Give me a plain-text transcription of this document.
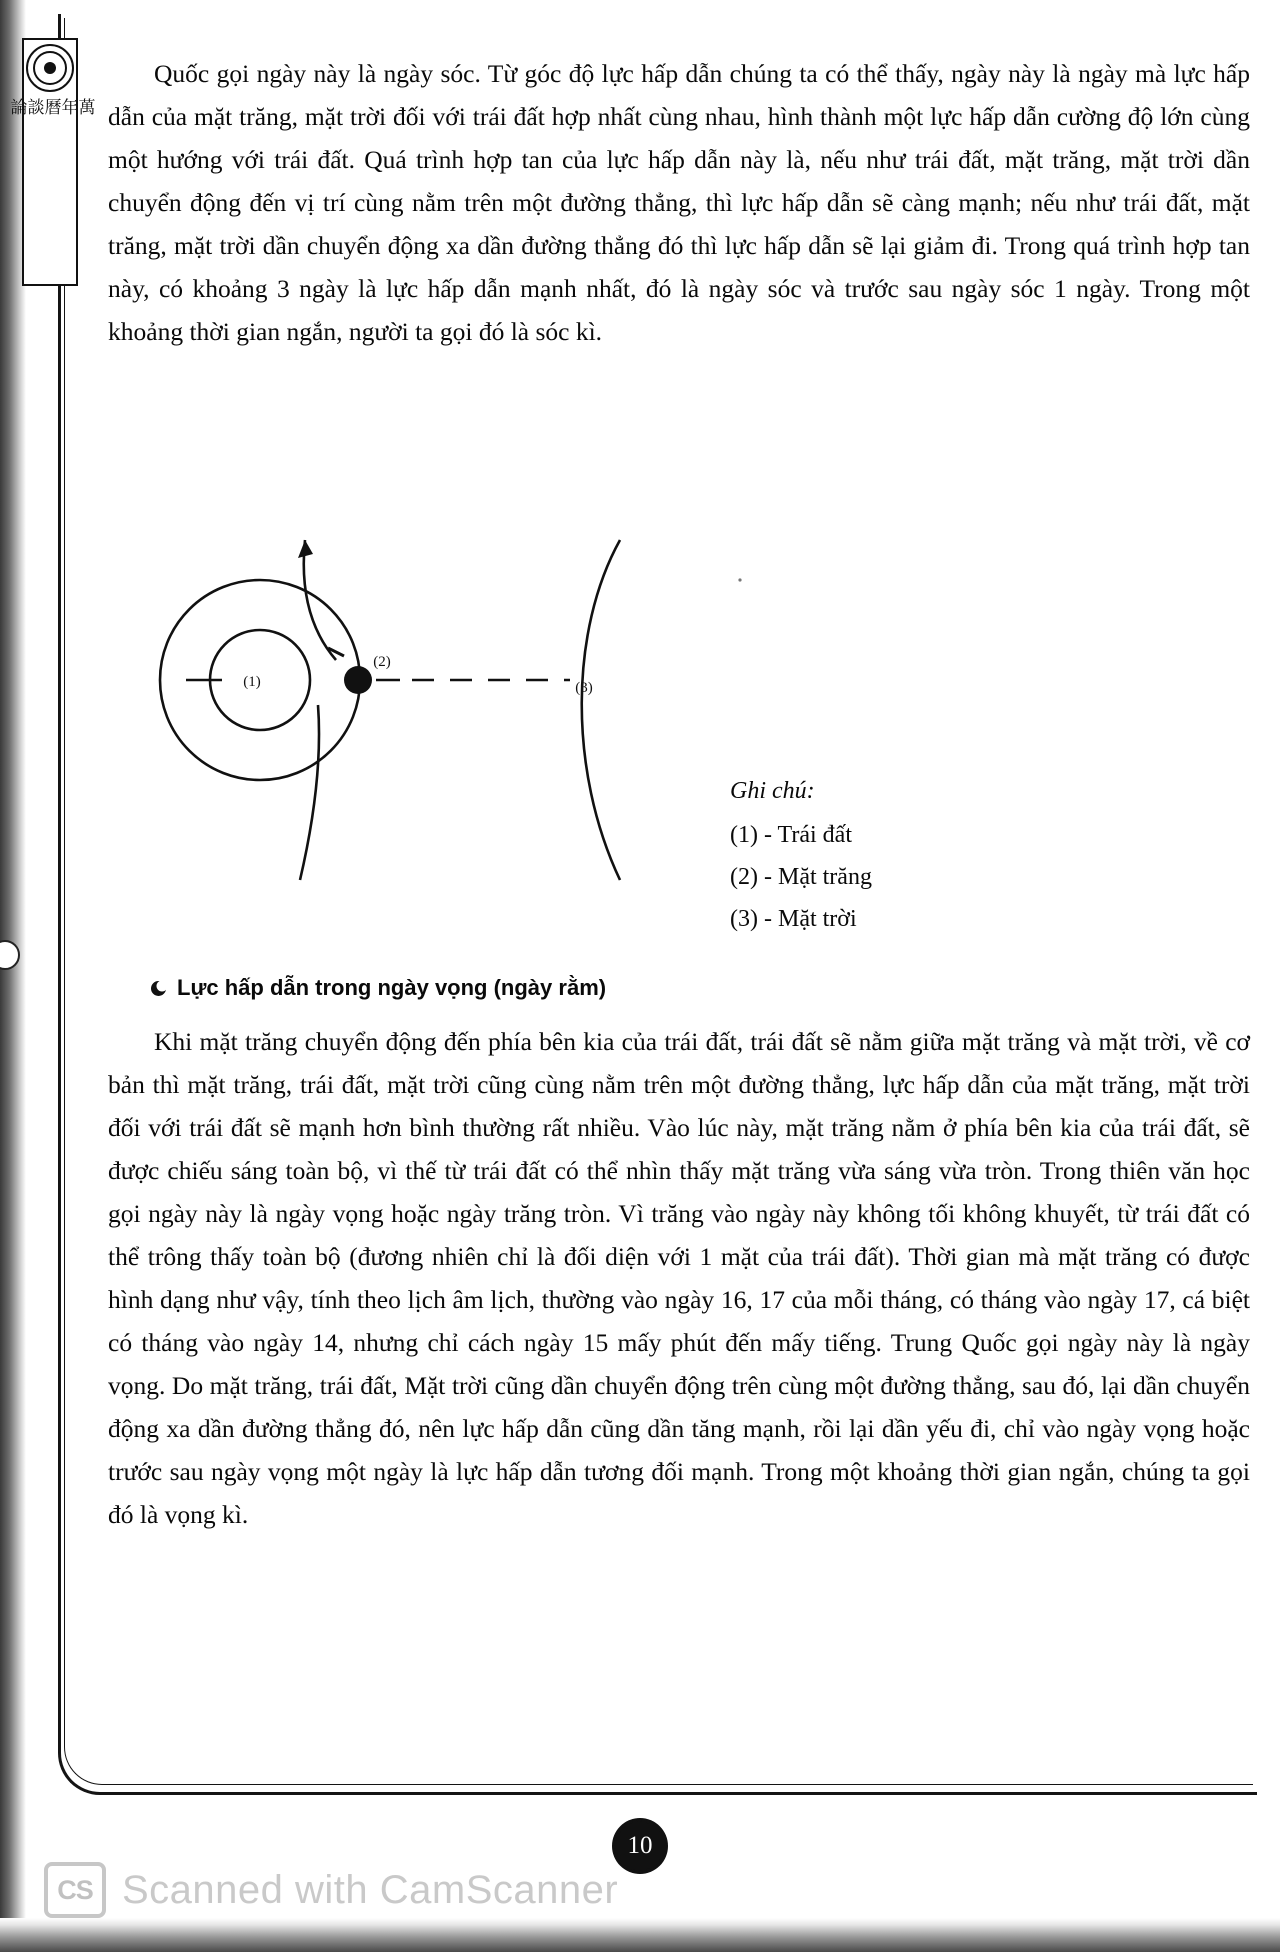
萬
年
曆
談
論
Quốc gọi ngày này là ngày sóc. Từ góc độ lực hấp dẫn chúng ta có thể thấy, ngày này là ngày mà lực hấp dẫn của mặt trăng, mặt trời đối với trái đất hợp nhất cùng nhau, hình thành một lực hấp dẫn cường độ lớn cùng một hướng với trái đất. Quá trình hợp tan của lực hấp dẫn này là, nếu như trái đất, mặt trăng, mặt trời dần chuyển động đến vị trí cùng nằm trên một đường thẳng, thì lực hấp dẫn sẽ càng mạnh; nếu như trái đất, mặt trăng, mặt trời dần chuyển động xa dần đường thẳng đó thì lực hấp dẫn sẽ lại giảm đi. Trong quá trình hợp tan này, có khoảng 3 ngày là lực hấp dẫn mạnh nhất, đó là ngày sóc và trước sau ngày sóc 1 ngày. Trong một khoảng thời gian ngắn, người ta gọi đó là sóc kì.
(1)
(2)
(3)
Ghi chú:
(1) - Trái đất
(2) - Mặt trăng
(3) - Mặt trời
Lực hấp dẫn trong ngày vọng (ngày rằm)
Khi mặt trăng chuyển động đến phía bên kia của trái đất, trái đất sẽ nằm giữa mặt trăng và mặt trời, về cơ bản thì mặt trăng, trái đất, mặt trời cũng cùng nằm trên một đường thẳng, lực hấp dẫn của mặt trăng, mặt trời đối với trái đất sẽ mạnh hơn bình thường rất nhiều. Vào lúc này, mặt trăng nằm ở phía bên kia của trái đất, sẽ được chiếu sáng toàn bộ, vì thế từ trái đất có thể nhìn thấy mặt trăng vừa sáng vừa tròn. Trong thiên văn học gọi ngày này là ngày vọng hoặc ngày trăng tròn. Vì trăng vào ngày này không tối không khuyết, từ trái đất có thể trông thấy toàn bộ (đương nhiên chỉ là đối diện với 1 mặt của trái đất). Thời gian mà mặt trăng có được hình dạng như vậy, tính theo lịch âm lịch, thường vào ngày 16, 17 của mỗi tháng, có tháng vào ngày 17, cá biệt có tháng vào ngày 14, nhưng chỉ cách ngày 15 mấy phút đến mấy tiếng. Trung Quốc gọi ngày này là ngày vọng. Do mặt trăng, trái đất, Mặt trời cũng dần chuyển động trên cùng một đường thẳng, sau đó, lại dần chuyển động xa dần đường thẳng đó, nên lực hấp dẫn cũng dần tăng mạnh, rồi lại dần yếu đi, chỉ vào ngày vọng hoặc trước sau ngày vọng một ngày là lực hấp dẫn tương đối mạnh. Trong một khoảng thời gian ngắn, chúng ta gọi đó là vọng kì.
10
CS Scanned with CamScanner
